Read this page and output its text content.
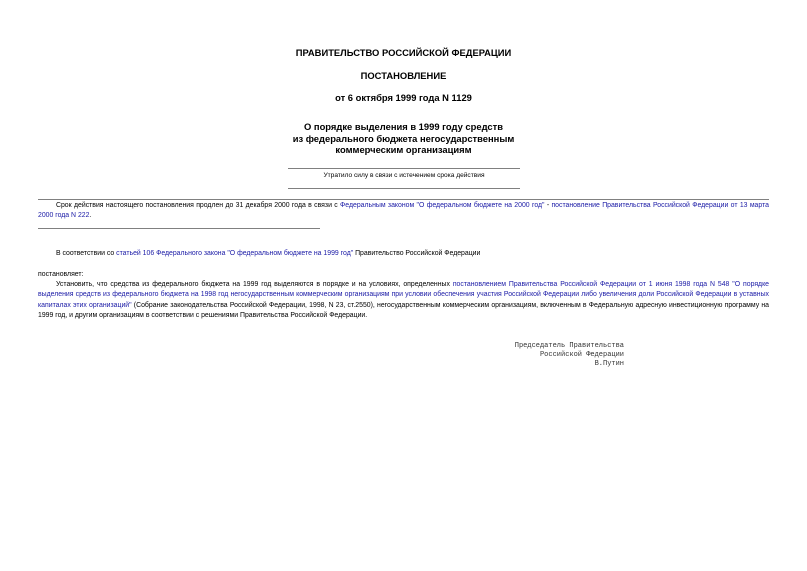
ПРАВИТЕЛЬСТВО РОССИЙСКОЙ ФЕДЕРАЦИИ
ПОСТАНОВЛЕНИЕ
от 6 октября 1999 года N 1129
О порядке выделения в 1999 году средств
из федерального бюджета негосударственным
коммерческим организациям
Утратило силу в связи с истечением срока действия
Срок действия настоящего постановления продлен до 31 декабря 2000 года в связи с Федеральным законом "О федеральном бюджете на 2000 год" - постановление Правительства Российской Федерации от 13 марта 2000 года N 222.
В соответствии со статьей 106 Федерального закона "О федеральном бюджете на 1999 год" Правительство Российской Федерации
постановляет:
Установить, что средства из федерального бюджета на 1999 год выделяются в порядке и на условиях, определенных постановлением Правительства Российской Федерации от 1 июня 1998 года N 548 "О порядке выделения средств из федерального бюджета на 1998 год негосударственным коммерческим организациям при условии обеспечения участия Российской Федерации либо увеличения доли Российской Федерации в уставных капиталах этих организаций" (Собрание законодательства Российской Федерации, 1998, N 23, ст.2550), негосударственным коммерческим организациям, включенным в Федеральную адресную инвестиционную программу на 1999 год, и другим организациям в соответствии с решениями Правительства Российской Федерации.
Председатель Правительства
Российской Федерации
В.Путин
